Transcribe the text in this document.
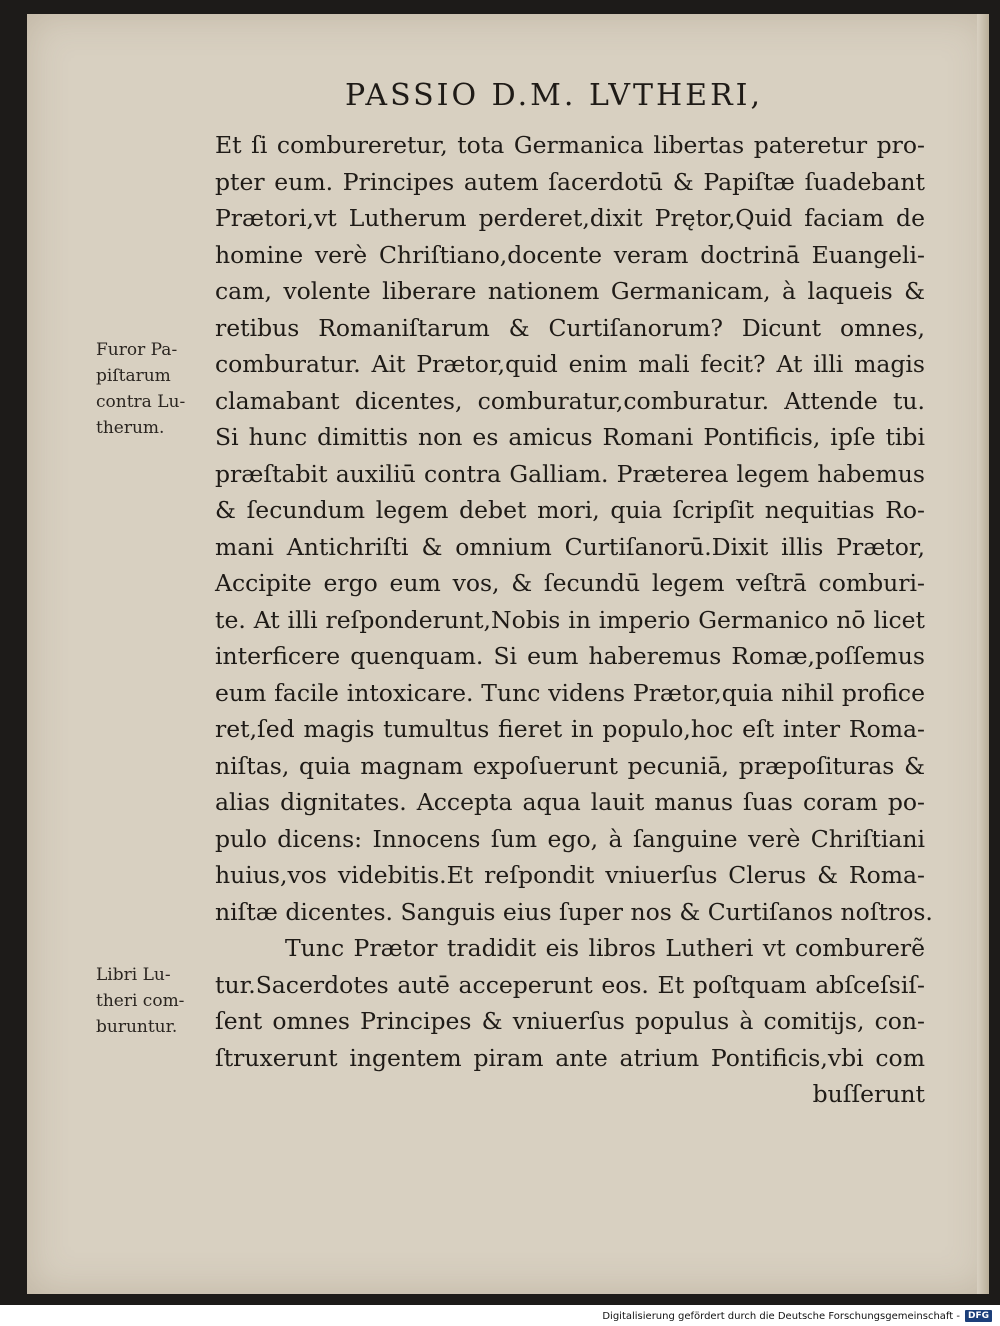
PASSIO D.M. LVTHERI,
Et ſi combureretur, tota Germanica libertas pateretur pro-
pter eum. Principes autem ſacerdotū & Papiſtæ ſuadebant
Prætori,vt Lutherum perderet,dixit Prętor,Quid faciam de
homine verè Chriſtiano,docente veram doctrinā Euangeli-
cam, volente liberare nationem Germanicam, à laqueis &
retibus Romaniſtarum & Curtiſanorum? Dicunt omnes,
comburatur. Ait Prætor,quid enim mali fecit? At illi magis
clamabant dicentes, comburatur,comburatur. Attende tu.
Si hunc dimittis non es amicus Romani Pontificis, ipſe tibi
præſtabit auxiliū contra Galliam. Præterea legem habemus
& ſecundum legem debet mori, quia ſcripſit nequitias Ro-
mani Antichriſti & omnium Curtiſanorū.Dixit illis Prætor,
Accipite ergo eum vos, & ſecundū legem veſtrā comburi-
te. At illi reſponderunt,Nobis in imperio Germanico nō licet
interficere quenquam. Si eum haberemus Romæ,poſſemus
eum facile intoxicare. Tunc videns Prætor,quia nihil profice
ret,ſed magis tumultus fieret in populo,hoc eſt inter Roma-
niſtas, quia magnam expoſuerunt pecuniā, præpoſituras &
alias dignitates. Accepta aqua lauit manus ſuas coram po-
pulo dicens: Innocens ſum ego, à ſanguine verè Chriſtiani
huius,vos videbitis.Et reſpondit vniuerſus Clerus & Roma-
niſtæ dicentes. Sanguis eius ſuper nos & Curtiſanos noſtros.
Tunc Prætor tradidit eis libros Lutheri vt comburerẽ
tur.Sacerdotes autē acceperunt eos. Et poſtquam abſceſsiſ-
ſent omnes Principes & vniuerſus populus à comitijs, con-
ſtruxerunt ingentem piram ante atrium Pontificis,vbi com
buſſerunt
Furor Pa-
piſtarum
contra Lu-
therum.
Libri Lu-
theri com-
buruntur.
Digitalisierung gefördert durch die Deutsche Forschungsgemeinschaft - DFG
